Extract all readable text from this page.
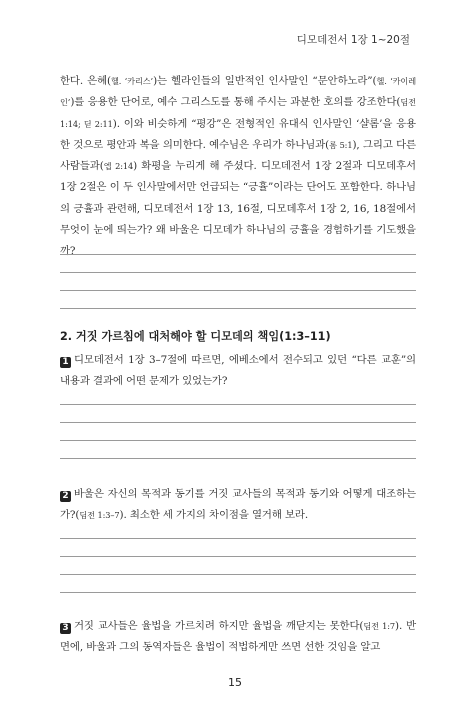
디모데전서 1장 1~20절

한다. 은혜(헬. ‘카리스’)는 헬라인들의 일반적인 인사말인 “문안하노라”(헬. ‘카이레인’)를 응용한 단어로, 예수 그리스도를 통해 주시는 과분한 호의를 강조한다(딤전 1:14; 딛 2:11). 이와 비슷하게 “평강”은 전형적인 유대식 인사말인 ‘샬롬’을 응용한 것으로 평안과 복을 의미한다. 예수님은 우리가 하나님과(롬 5:1), 그리고 다른 사람들과(엡 2:14) 화평을 누리게 해 주셨다. 디모데전서 1장 2절과 디모데후서 1장 2절은 이 두 인사말에서만 언급되는 “긍휼”이라는 단어도 포함한다. 하나님의 긍휼과 관련해, 디모데전서 1장 13, 16절, 디모데후서 1장 2, 16, 18절에서 무엇이 눈에 띄는가? 왜 바울은 디모데가 하나님의 긍휼을 경험하기를 기도했을까?

2. 거짓 가르침에 대처해야 할 디모데의 책임(1:3–11)

1 디모데전서 1장 3–7절에 따르면, 에베소에서 전수되고 있던 “다른 교훈”의 내용과 결과에 어떤 문제가 있었는가?

2 바울은 자신의 목적과 동기를 거짓 교사들의 목적과 동기와 어떻게 대조하는가?(딤전 1:3–7). 최소한 세 가지의 차이점을 열거해 보라.

3 거짓 교사들은 율법을 가르치려 하지만 율법을 깨닫지는 못한다(딤전 1:7). 반면에, 바울과 그의 동역자들은 율법이 적법하게만 쓰면 선한 것임을 알고

15
